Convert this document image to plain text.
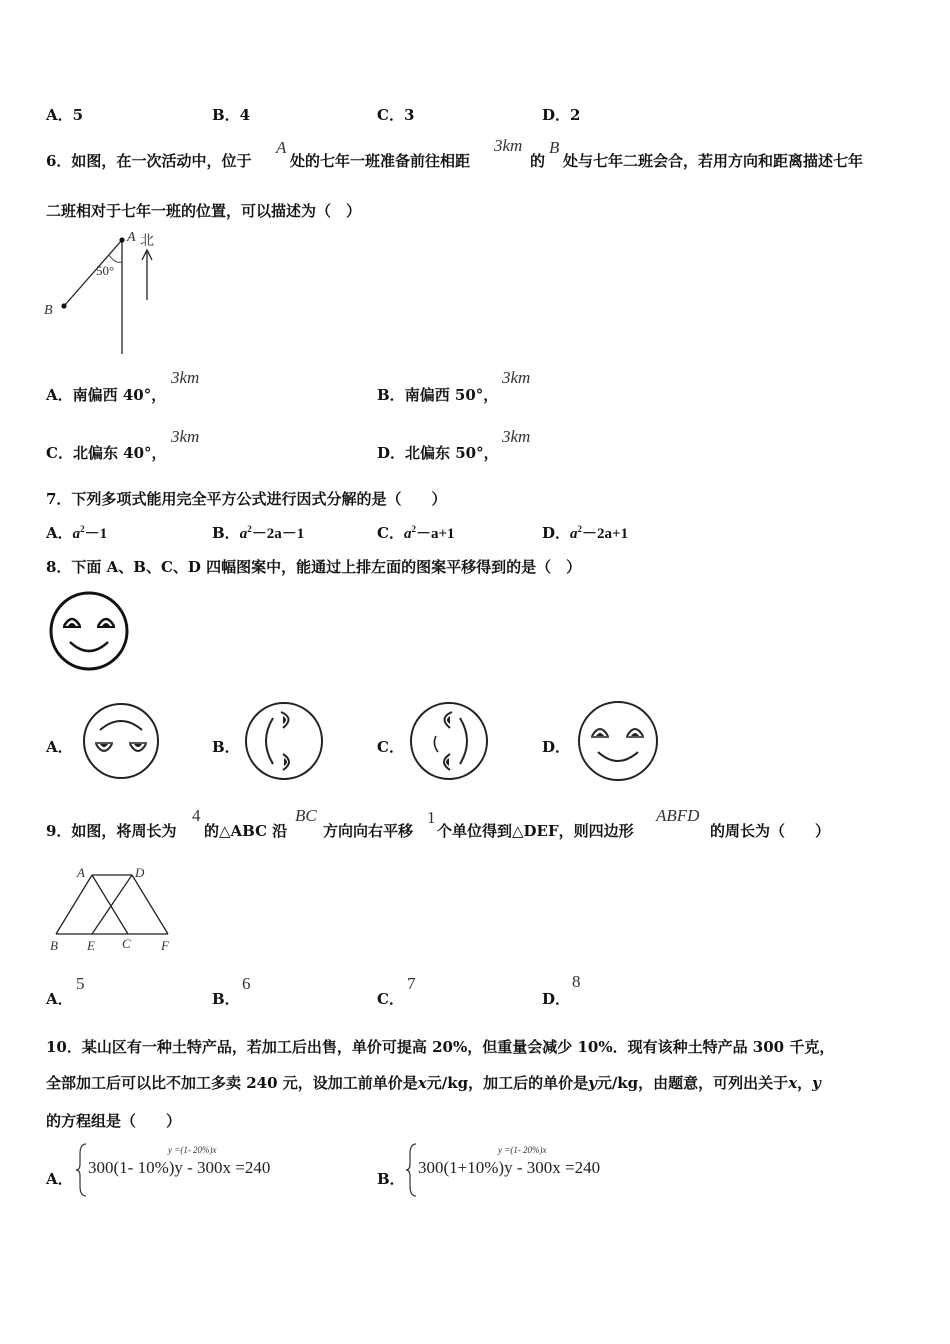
A．5	B．4	C．3	D．2
6．如图，在一次活动中，位于
A
处的七年一班准备前往相距
3km
的
B
处与七年二班会合，若用方向和距离描述七年
二班相对于七年一班的位置，可以描述为（　）
A
B
北
50°
A．南偏西 40°，
3km
B．南偏西 50°，
3km
C．北偏东 40°，
3km
D．北偏东 50°，
3km
7．下列多项式能用完全平方公式进行因式分解的是（　　）
A．$a^2-1$	B．$a^2-2a-1$	C．$a^2-a+1$	D．$a^2-2a+1$
8．下面 A、B、C、D 四幅图案中，能通过上排左面的图案平移得到的是（　）
A．	B．	C．	D．
9．如图，将周长为
4
的△ABC 沿
BC
方向向右平移
1
个单位得到△DEF，则四边形
ABFD
的周长为（　　）
A	D
B E C F
A．
5
B．
6
C．
7
D．
8
10．某山区有一种土特产品，若加工后出售，单价可提高 20%，但重量会减少 10%．现有该种土特产品 300 千克，
全部加工后可以比不加工多卖 240 元，设加工前单价是x元/kg，加工后的单价是y元/kg，由题意，可列出关于x，y
的方程组是（　　）
A．
y =(1- 20%)x
300(1- 10%)y - 300x =240
B．
y =(1- 20%)x
300(1+10%)y - 300x =240
